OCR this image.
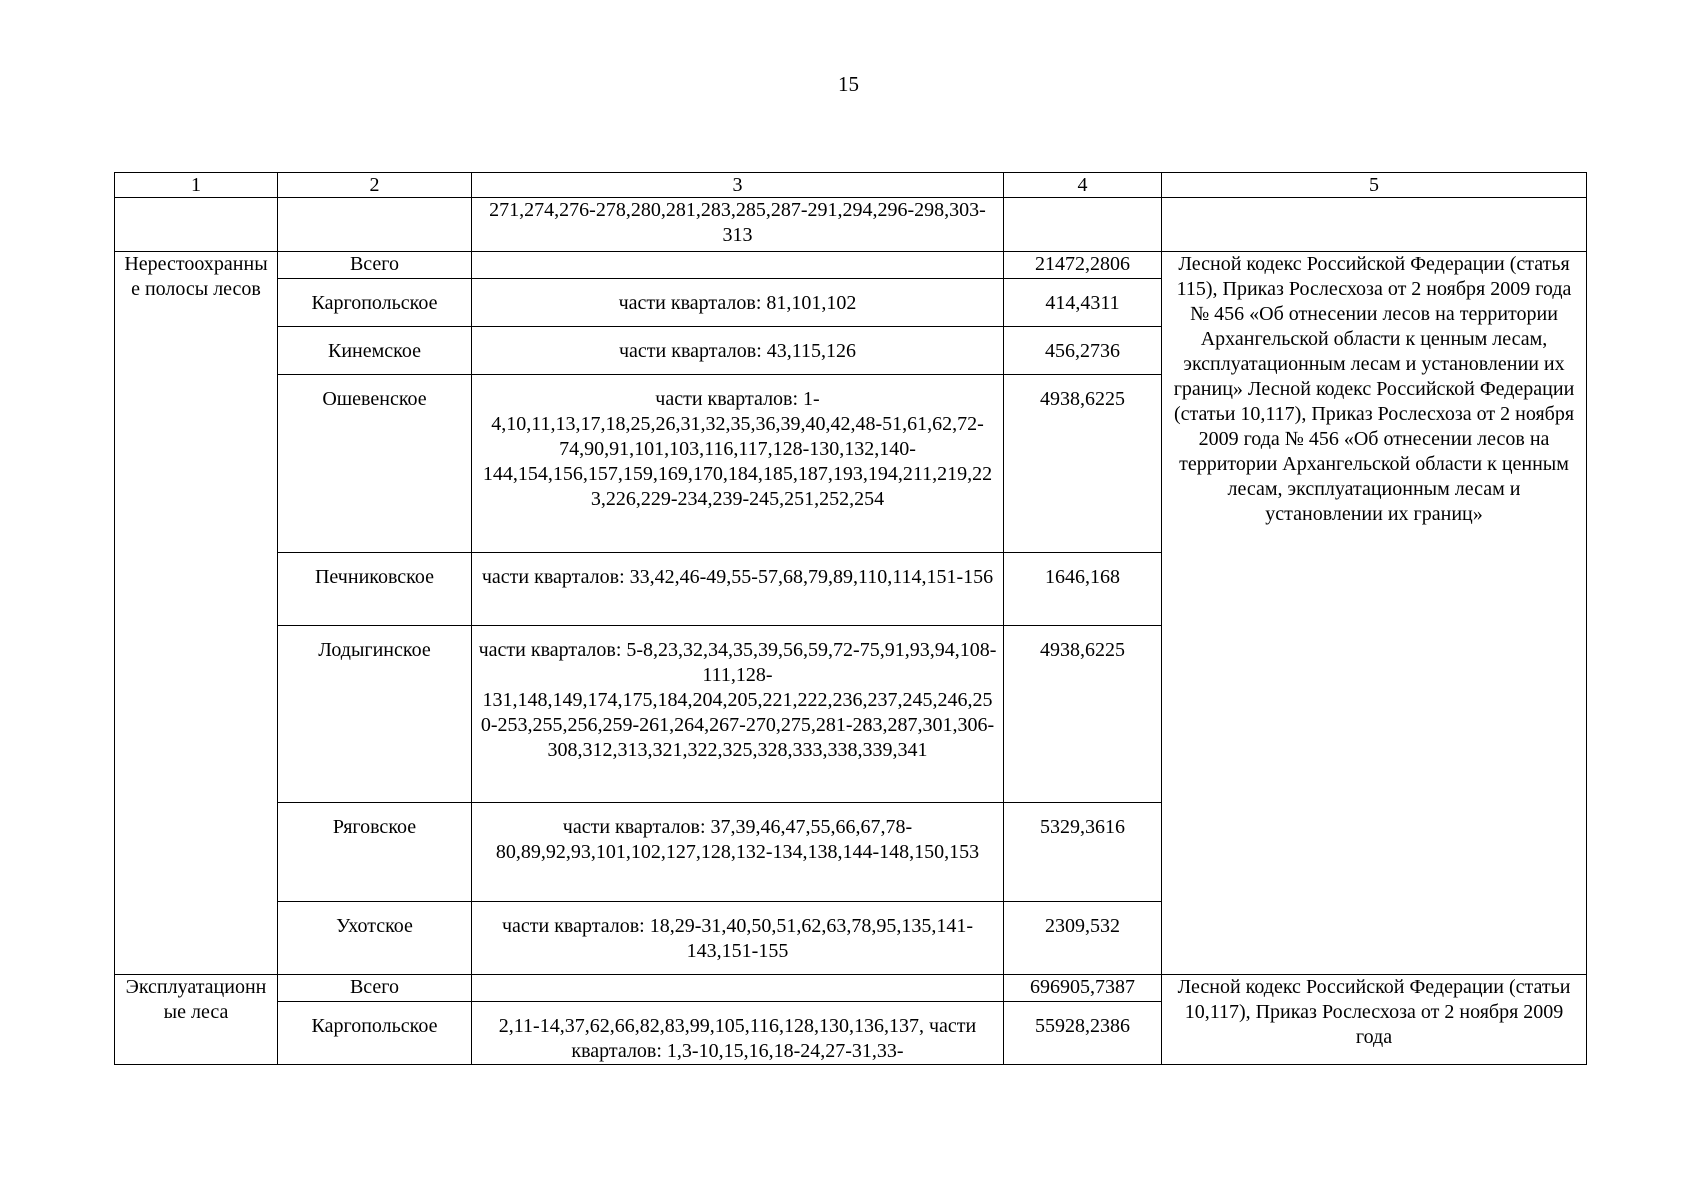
15
1	2	3	4	5
		271,274,276-278,280,281,283,285,287-291,294,296-298,303-313		
Нерестоохранные полосы лесов	Всего		21472,2806	Лесной кодекс Российской Федерации (статья 115), Приказ Рослесхоза от 2 ноября 2009 года № 456 «Об отнесении лесов на территории Архангельской области к ценным лесам, эксплуатационным лесам и установлении их границ» Лесной кодекс Российской Федерации (статьи 10,117), Приказ Рослесхоза от 2 ноября 2009 года № 456 «Об отнесении лесов на территории Архангельской области к ценным лесам, эксплуатационным лесам и установлении их границ»
	Каргопольское	части кварталов: 81,101,102	414,4311	
	Кинемское	части кварталов: 43,115,126	456,2736	
	Ошевенское	части кварталов: 1-4,10,11,13,17,18,25,26,31,32,35,36,39,40,42,48-51,61,62,72-74,90,91,101,103,116,117,128-130,132,140-144,154,156,157,159,169,170,184,185,187,193,194,211,219,223,226,229-234,239-245,251,252,254	4938,6225	
	Печниковское	части кварталов: 33,42,46-49,55-57,68,79,89,110,114,151-156	1646,168	
	Лодыгинское	части кварталов: 5-8,23,32,34,35,39,56,59,72-75,91,93,94,108-111,128-131,148,149,174,175,184,204,205,221,222,236,237,245,246,250-253,255,256,259-261,264,267-270,275,281-283,287,301,306-308,312,313,321,322,325,328,333,338,339,341	4938,6225	
	Ряговское	части кварталов: 37,39,46,47,55,66,67,78-80,89,92,93,101,102,127,128,132-134,138,144-148,150,153	5329,3616	
	Ухотское	части кварталов: 18,29-31,40,50,51,62,63,78,95,135,141-143,151-155	2309,532	
Эксплуатационные леса	Всего		696905,7387	Лесной кодекс Российской Федерации (статьи 10,117), Приказ Рослесхоза от 2 ноября 2009 года
	Каргопольское	2,11-14,37,62,66,82,83,99,105,116,128,130,136,137, части кварталов: 1,3-10,15,16,18-24,27-31,33-	55928,2386	
